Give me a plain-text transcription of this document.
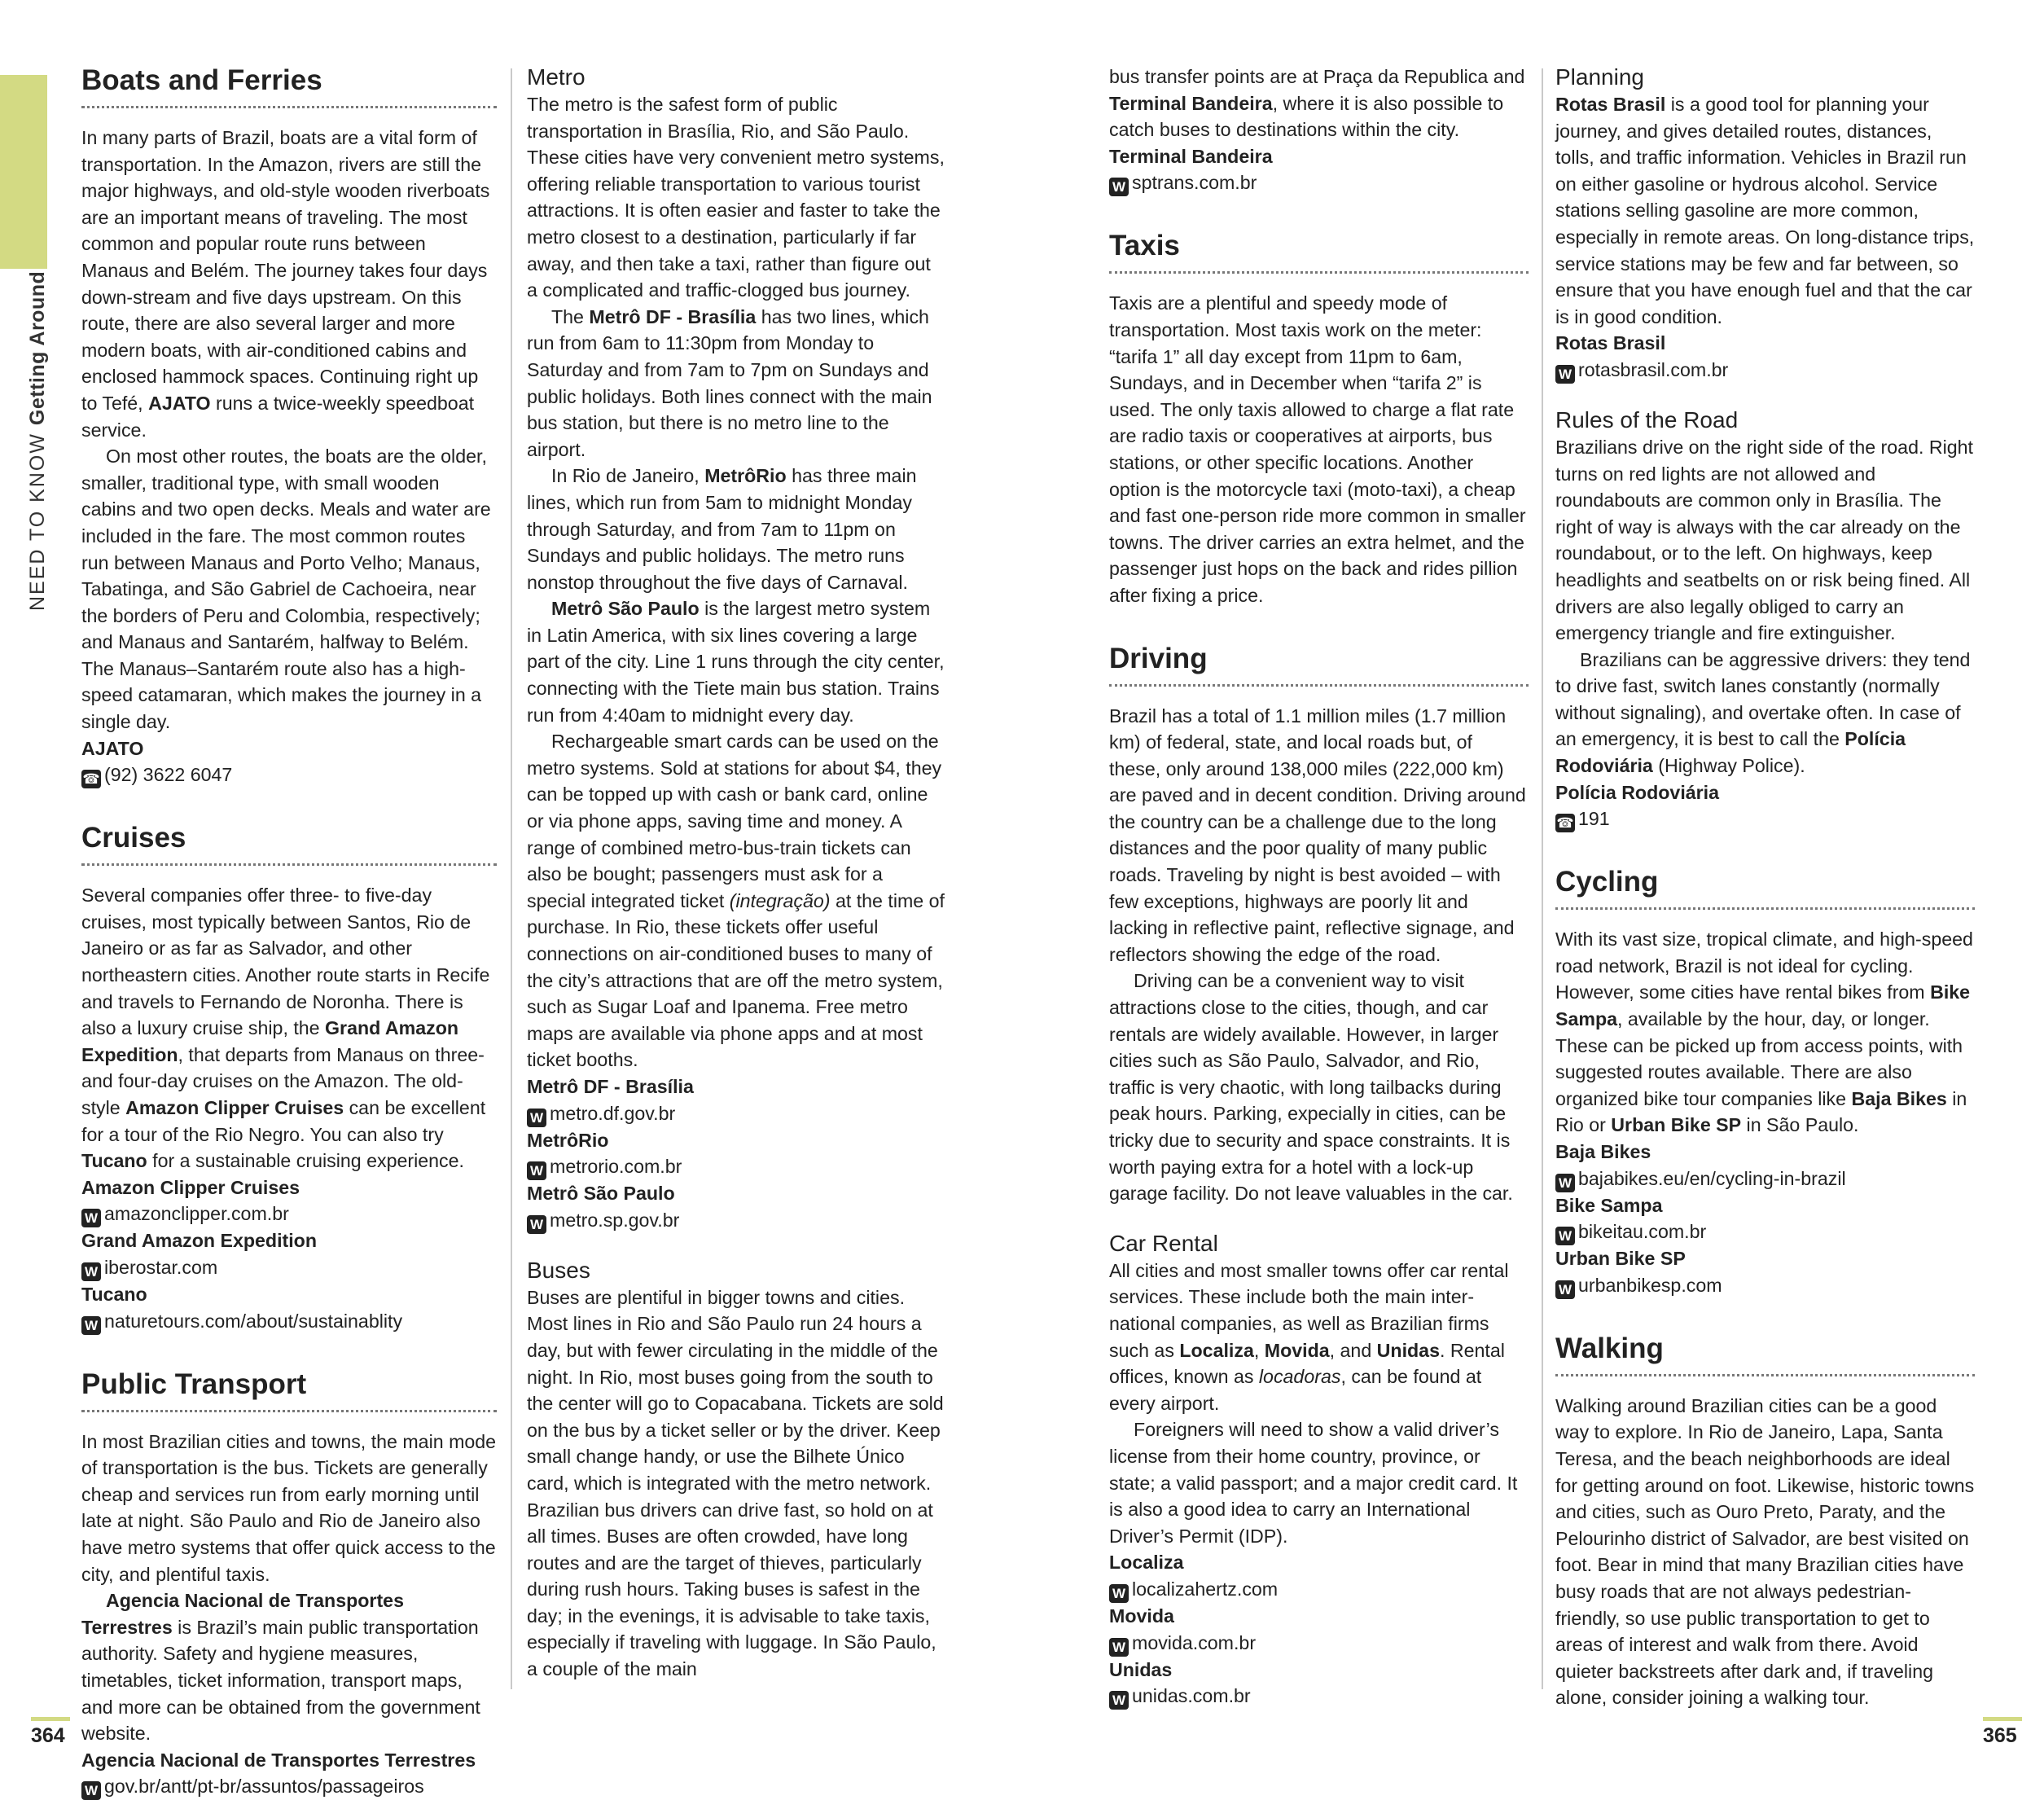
NEED TO KNOW Getting Around
Boats and Ferries

In many parts of Brazil, boats are a vital form of transportation. In the Amazon, rivers are still the major highways, and old-style wooden riverboats are an important means of traveling. The most common and popular route runs between Manaus and Belém. The journey takes four days down-stream and five days upstream. On this route, there are also several larger and more modern boats, with air-conditioned cabins and enclosed hammock spaces. Continuing right up to Tefé, AJATO runs a twice-weekly speedboat service.

On most other routes, the boats are the older, smaller, traditional type, with small wooden cabins and two open decks. Meals and water are included in the fare. The most common routes run between Manaus and Porto Velho; Manaus, Tabatinga, and São Gabriel de Cachoeira, near the borders of Peru and Colombia, respectively; and Manaus and Santarém, halfway to Belém. The Manaus–Santarém route also has a high-speed catamaran, which makes the journey in a single day.

AJATO
☎ (92) 3622 6047
Cruises

Several companies offer three- to five-day cruises, most typically between Santos, Rio de Janeiro or as far as Salvador, and other northeastern cities. Another route starts in Recife and travels to Fernando de Noronha. There is also a luxury cruise ship, the Grand Amazon Expedition, that departs from Manaus on three- and four-day cruises on the Amazon. The old-style Amazon Clipper Cruises can be excellent for a tour of the Rio Negro. You can also try Tucano for a sustainable cruising experience.

Amazon Clipper Cruises
W amazonclipper.com.br
Grand Amazon Expedition
W iberostar.com
Tucano
W naturetours.com/about/sustainablity
Public Transport

In most Brazilian cities and towns, the main mode of transportation is the bus. Tickets are generally cheap and services run from early morning until late at night. São Paulo and Rio de Janeiro also have metro systems that offer quick access to the city, and plentiful taxis.

Agencia Nacional de Transportes Terrestres is Brazil’s main public transportation authority. Safety and hygiene measures, timetables, ticket information, transport maps, and more can be obtained from the government website.

Agencia Nacional de Transportes Terrestres
W gov.br/antt/pt-br/assuntos/passageiros
Metro

The metro is the safest form of public transportation in Brasília, Rio, and São Paulo. These cities have very convenient metro systems, offering reliable transportation to various tourist attractions. It is often easier and faster to take the metro closest to a destination, particularly if far away, and then take a taxi, rather than figure out a complicated and traffic-clogged bus journey.

The Metrô DF - Brasília has two lines, which run from 6am to 11:30pm from Monday to Saturday and from 7am to 7pm on Sundays and public holidays. Both lines connect with the main bus station, but there is no metro line to the airport.

In Rio de Janeiro, MetrôRio has three main lines, which run from 5am to midnight Monday through Saturday, and from 7am to 11pm on Sundays and public holidays. The metro runs nonstop throughout the five days of Carnaval.

Metrô São Paulo is the largest metro system in Latin America, with six lines covering a large part of the city. Line 1 runs through the city center, connecting with the Tiete main bus station. Trains run from 4:40am to midnight every day.

Rechargeable smart cards can be used on the metro systems. Sold at stations for about $4, they can be topped up with cash or bank card, online or via phone apps, saving time and money. A range of combined metro-bus-train tickets can also be bought; passengers must ask for a special integrated ticket (integração) at the time of purchase. In Rio, these tickets offer useful connections on air-conditioned buses to many of the city’s attractions that are off the metro system, such as Sugar Loaf and Ipanema. Free metro maps are available via phone apps and at most ticket booths.

Metrô DF - Brasília
W metro.df.gov.br
MetrôRio
W metrorio.com.br
Metrô São Paulo
W metro.sp.gov.br
Buses

Buses are plentiful in bigger towns and cities. Most lines in Rio and São Paulo run 24 hours a day, but with fewer circulating in the middle of the night. In Rio, most buses going from the south to the center will go to Copacabana. Tickets are sold on the bus by a ticket seller or by the driver. Keep small change handy, or use the Bilhete Único card, which is integrated with the metro network. Brazilian bus drivers can drive fast, so hold on at all times. Buses are often crowded, have long routes and are the target of thieves, particularly during rush hours. Taking buses is safest in the day; in the evenings, it is advisable to take taxis, especially if traveling with luggage. In São Paulo, a couple of the main

bus transfer points are at Praça da Republica and Terminal Bandeira, where it is also possible to catch buses to destinations within the city.

Terminal Bandeira
W sptrans.com.br
Taxis

Taxis are a plentiful and speedy mode of transportation. Most taxis work on the meter: “tarifa 1” all day except from 11pm to 6am, Sundays, and in December when “tarifa 2” is used. The only taxis allowed to charge a flat rate are radio taxis or cooperatives at airports, bus stations, or other specific locations. Another option is the motorcycle taxi (moto-taxi), a cheap and fast one-person ride more common in smaller towns. The driver carries an extra helmet, and the passenger just hops on the back and rides pillion after fixing a price.

Driving

Brazil has a total of 1.1 million miles (1.7 million km) of federal, state, and local roads but, of these, only around 138,000 miles (222,000 km) are paved and in decent condition. Driving around the country can be a challenge due to the long distances and the poor quality of many public roads. Traveling by night is best avoided – with few exceptions, highways are poorly lit and lacking in reflective paint, reflective signage, and reflectors showing the edge of the road.

Driving can be a convenient way to visit attractions close to the cities, though, and car rentals are widely available. However, in larger cities such as São Paulo, Salvador, and Rio, traffic is very chaotic, with long tailbacks during peak hours. Parking, expecially in cities, can be tricky due to security and space constraints. It is worth paying extra for a hotel with a lock-up garage facility. Do not leave valuables in the car.

Car Rental

All cities and most smaller towns offer car rental services. These include both the main inter-national companies, as well as Brazilian firms such as Localiza, Movida, and Unidas. Rental offices, known as locadoras, can be found at every airport.

Foreigners will need to show a valid driver’s license from their home country, province, or state; a valid passport; and a major credit card. It is also a good idea to carry an International Driver’s Permit (IDP).

Localiza
W localizahertz.com
Movida
W movida.com.br
Unidas
W unidas.com.br
Planning

Rotas Brasil is a good tool for planning your journey, and gives detailed routes, distances, tolls, and traffic information. Vehicles in Brazil run on either gasoline or hydrous alcohol. Service stations selling gasoline are more common, especially in remote areas. On long-distance trips, service stations may be few and far between, so ensure that you have enough fuel and that the car is in good condition.

Rotas Brasil
W rotasbrasil.com.br
Rules of the Road

Brazilians drive on the right side of the road. Right turns on red lights are not allowed and roundabouts are common only in Brasília. The right of way is always with the car already on the roundabout, or to the left. On highways, keep headlights and seatbelts on or risk being fined. All drivers are also legally obliged to carry an emergency triangle and fire extinguisher.

Brazilians can be aggressive drivers: they tend to drive fast, switch lanes constantly (normally without signaling), and overtake often. In case of an emergency, it is best to call the Polícia Rodoviária (Highway Police).

Polícia Rodoviária
☎ 191
Cycling

With its vast size, tropical climate, and high-speed road network, Brazil is not ideal for cycling. However, some cities have rental bikes from Bike Sampa, available by the hour, day, or longer. These can be picked up from access points, with suggested routes available. There are also organized bike tour companies like Baja Bikes in Rio or Urban Bike SP in São Paulo.

Baja Bikes
W bajabikes.eu/en/cycling-in-brazil
Bike Sampa
W bikeitau.com.br
Urban Bike SP
W urbanbikesp.com
Walking

Walking around Brazilian cities can be a good way to explore. In Rio de Janeiro, Lapa, Santa Teresa, and the beach neighborhoods are ideal for getting around on foot. Likewise, historic towns and cities, such as Ouro Preto, Paraty, and the Pelourinho district of Salvador, are best visited on foot. Bear in mind that many Brazilian cities have busy roads that are not always pedestrian-friendly, so use public transportation to get to areas of interest and walk from there. Avoid quieter backstreets after dark and, if traveling alone, consider joining a walking tour.

364	365
